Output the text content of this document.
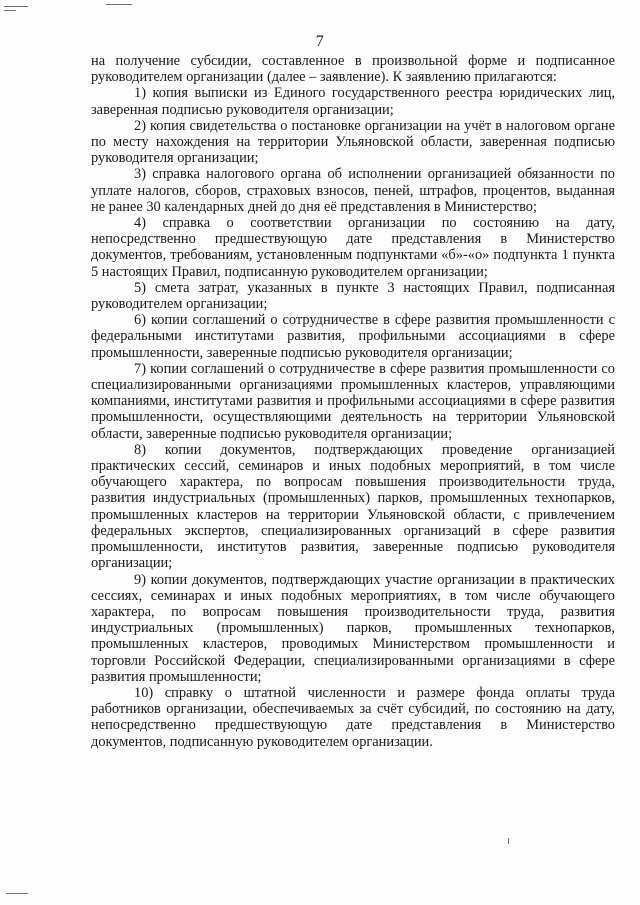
7

на получение субсидии, составленное в произвольной форме и подписанное руководителем организации (далее – заявление). К заявлению прилагаются:

1) копия выписки из Единого государственного реестра юридических лиц, заверенная подписью руководителя организации;

2) копия свидетельства о постановке организации на учёт в налоговом органе по месту нахождения на территории Ульяновской области, заверенная подписью руководителя организации;

3) справка налогового органа об исполнении организацией обязанности по уплате налогов, сборов, страховых взносов, пеней, штрафов, процентов, выданная не ранее 30 календарных дней до дня её представления в Министерство;

4) справка о соответствии организации по состоянию на дату, непосредственно предшествующую дате представления в Министерство документов, требованиям, установленным подпунктами «б»-«о» подпункта 1 пункта 5 настоящих Правил, подписанную руководителем организации;

5) смета затрат, указанных в пункте 3 настоящих Правил, подписанная руководителем организации;

6) копии соглашений о сотрудничестве в сфере развития промышленности с федеральными институтами развития, профильными ассоциациями в сфере промышленности, заверенные подписью руководителя организации;

7) копии соглашений о сотрудничестве в сфере развития промышленности со специализированными организациями промышленных кластеров, управляющими компаниями, институтами развития и профильными ассоциациями в сфере развития промышленности, осуществляющими деятельность на территории Ульяновской области, заверенные подписью руководителя организации;

8) копии документов, подтверждающих проведение организацией практических сессий, семинаров и иных подобных мероприятий, в том числе обучающего характера, по вопросам повышения производительности труда, развития индустриальных (промышленных) парков, промышленных технопарков, промышленных кластеров на территории Ульяновской области, с привлечением федеральных экспертов, специализированных организаций в сфере развития промышленности, институтов развития, заверенные подписью руководителя организации;

9) копии документов, подтверждающих участие организации в практических сессиях, семинарах и иных подобных мероприятиях, в том числе обучающего характера, по вопросам повышения производительности труда, развития индустриальных (промышленных) парков, промышленных технопарков, промышленных кластеров, проводимых Министерством промышленности и торговли Российской Федерации, специализированными организациями в сфере развития промышленности;

10) справку о штатной численности и размере фонда оплаты труда работников организации, обеспечиваемых за счёт субсидий, по состоянию на дату, непосредственно предшествующую дате представления в Министерство документов, подписанную руководителем организации.
